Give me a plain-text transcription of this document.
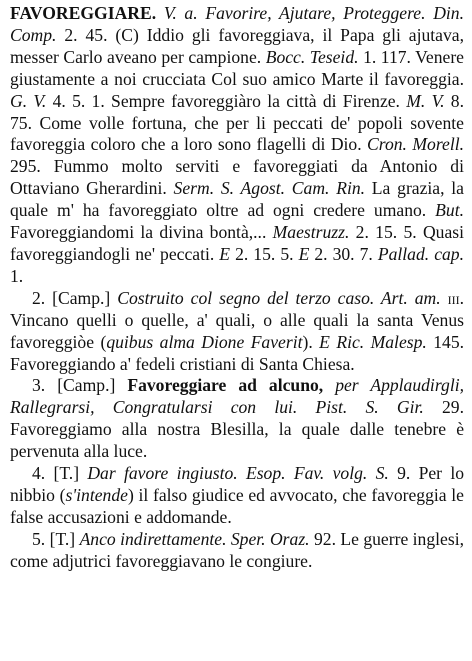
FAVOREGGIARE. V. a. Favorire, Ajutare, Proteggere. Din. Comp. 2. 45. (C) Iddio gli favoreggiava, il Papa gli ajutava, messer Carlo aveano per campione. Bocc. Teseid. 1. 117. Venere giustamente a noi crucciata Col suo amico Marte il favoreggia. G. V. 4. 5. 1. Sempre favoreggiàro la città di Firenze. M. V. 8. 75. Come volle fortuna, che per li peccati de' popoli sovente favoreggia coloro che a loro sono flagelli di Dio. Cron. Morell. 295. Fummo molto serviti e favoreggiati da Antonio di Ottaviano Gherardini. Serm. S. Agost. Cam. Rin. La grazia, la quale m' ha favoreggiato oltre ad ogni credere umano. But. Favoreggiandomi la divina bontà,... Maestruzz. 2. 15. 5. Quasi favoreggiandogli ne' peccati. E 2. 15. 5. E 2. 30. 7. Pallad. cap. 1.

2. [Camp.] Costruito col segno del terzo caso. Art. am. iii. Vincano quelli o quelle, a' quali, o alle quali la santa Venus favoreggiòe (quibus alma Dione Faverit). E Ric. Malesp. 145. Favoreggiando a' fedeli cristiani di Santa Chiesa.

3. [Camp.] Favoreggiare ad alcuno, per Applaudirgli, Rallegrarsi, Congratularsi con lui. Pist. S. Gir. 29. Favoreggiamo alla nostra Blesilla, la quale dalle tenebre è pervenuta alla luce.

4. [T.] Dar favore ingiusto. Esop. Fav. volg. S. 9. Per lo nibbio (s'intende) il falso giudice ed avvocato, che favoreggia le false accusazioni e addomande.

5. [T.] Anco indirettamente. Sper. Oraz. 92. Le guerre inglesi, come adjutrici favoreggiavano le congiure.
